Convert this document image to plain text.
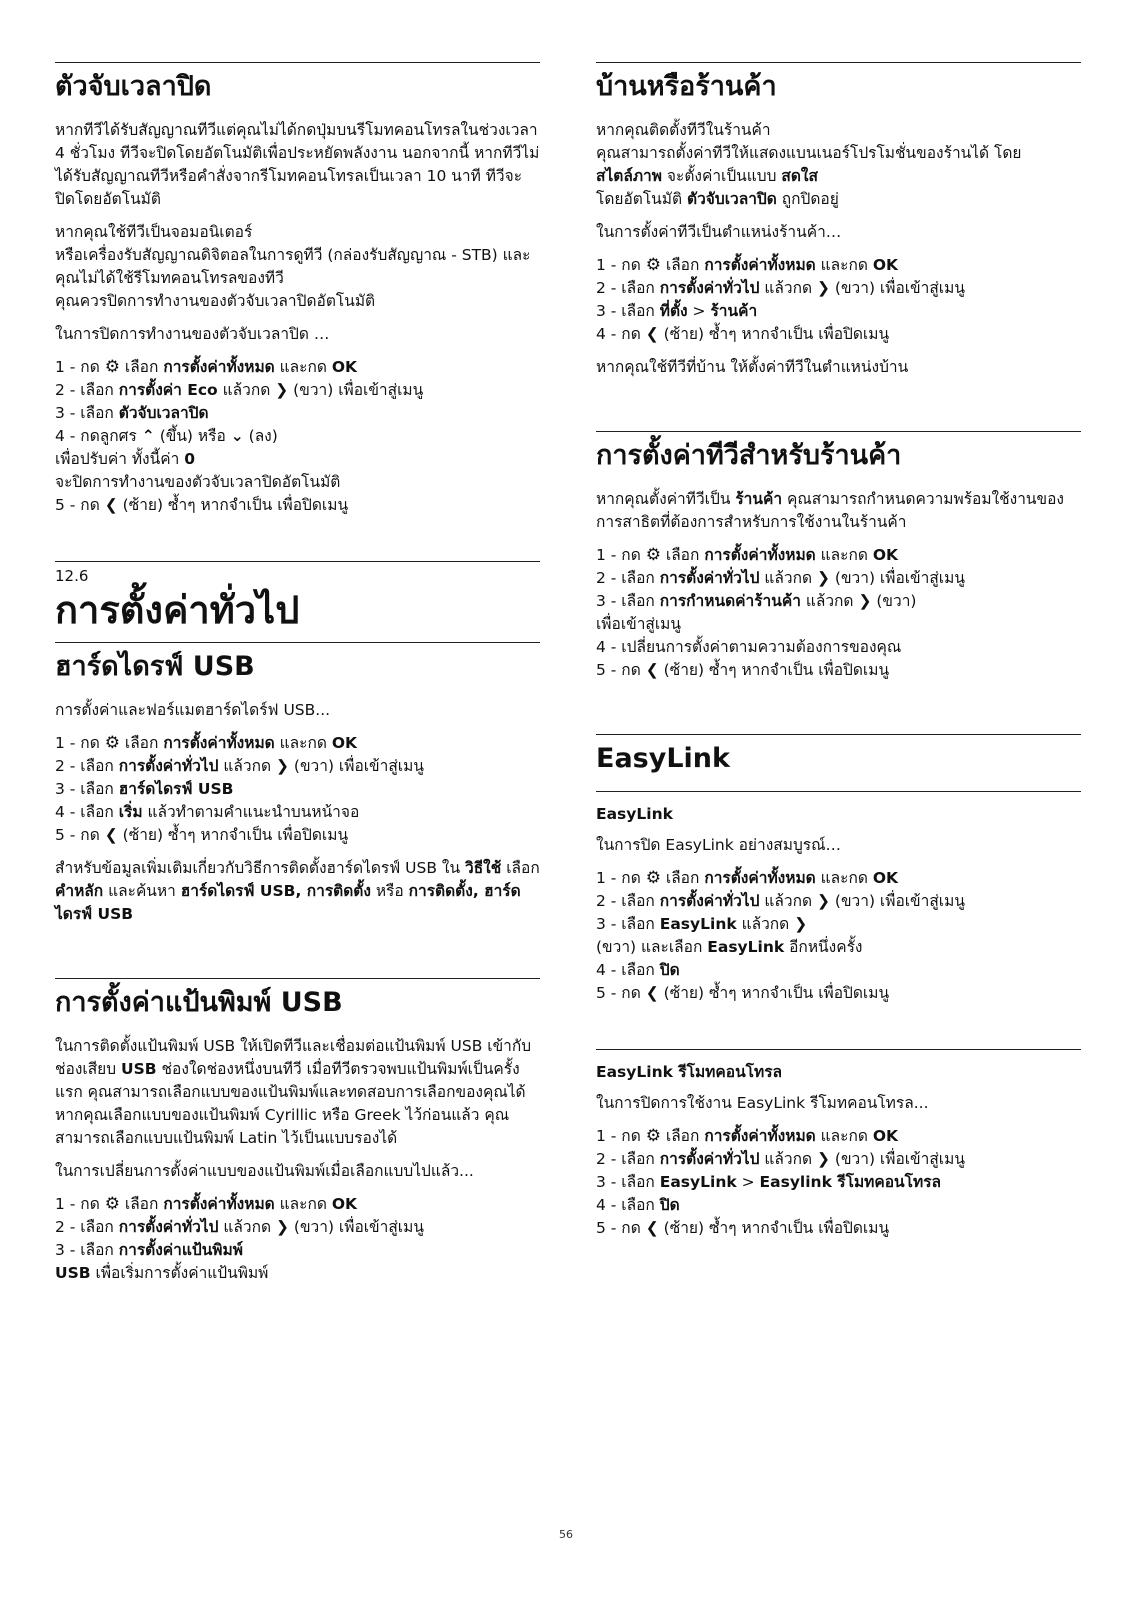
ตัวจับเวลาปิด

หากทีวีได้รับสัญญาณทีวีแต่คุณไม่ได้กดปุ่มบนรีโมทคอนโทรลในช่วงเวลา 4 ชั่วโมง ทีวีจะปิดโดยอัตโนมัติเพื่อประหยัดพลังงาน นอกจากนี้ หากทีวีไม่ได้รับสัญญาณทีวีหรือคำสั่งจากรีโมทคอนโทรลเป็นเวลา 10 นาที ทีวีจะปิดโดยอัตโนมัติ

หากคุณใช้ทีวีเป็นจอมอนิเตอร์
หรือเครื่องรับสัญญาณดิจิตอลในการดูทีวี (กล่องรับสัญญาณ - STB) และคุณไม่ได้ใช้รีโมทคอนโทรลของทีวี
คุณควรปิดการทำงานของตัวจับเวลาปิดอัตโนมัติ

ในการปิดการทำงานของตัวจับเวลาปิด …

1 - กด ⚙ เลือก การตั้งค่าทั้งหมด และกด OK
2 - เลือก การตั้งค่า Eco แล้วกด ❯ (ขวา) เพื่อเข้าสู่เมนู
3 - เลือก ตัวจับเวลาปิด
4 - กดลูกศร ⌃ (ขึ้น) หรือ ⌄ (ลง)
เพื่อปรับค่า ทั้งนี้ค่า 0
จะปิดการทำงานของตัวจับเวลาปิดอัตโนมัติ
5 - กด ❮ (ซ้าย) ซ้ำๆ หากจำเป็น เพื่อปิดเมนู
12.6
การตั้งค่าทั่วไป
ฮาร์ดไดรฟ์ USB

การตั้งค่าและฟอร์แมตฮาร์ดไดร์ฟ USB...

1 - กด ⚙ เลือก การตั้งค่าทั้งหมด และกด OK
2 - เลือก การตั้งค่าทั่วไป แล้วกด ❯ (ขวา) เพื่อเข้าสู่เมนู
3 - เลือก ฮาร์ดไดรฟ์ USB
4 - เลือก เริ่ม แล้วทำตามคำแนะนำบนหน้าจอ
5 - กด ❮ (ซ้าย) ซ้ำๆ หากจำเป็น เพื่อปิดเมนู

สำหรับข้อมูลเพิ่มเติมเกี่ยวกับวิธีการติดตั้งฮาร์ดไดรฟ์ USB ใน วิธีใช้ เลือก คำหลัก และค้นหา ฮาร์ดไดรฟ์ USB, การติดตั้ง หรือ การติดตั้ง, ฮาร์ดไดรฟ์ USB

การตั้งค่าแป้นพิมพ์ USB

ในการติดตั้งแป้นพิมพ์ USB ให้เปิดทีวีและเชื่อมต่อแป้นพิมพ์ USB เข้ากับช่องเสียบ USB ช่องใดช่องหนึ่งบนทีวี เมื่อทีวีตรวจพบแป้นพิมพ์เป็นครั้งแรก คุณสามารถเลือกแบบของแป้นพิมพ์และทดสอบการเลือกของคุณได้ หากคุณเลือกแบบของแป้นพิมพ์ Cyrillic หรือ Greek ไว้ก่อนแล้ว คุณสามารถเลือกแบบแป้นพิมพ์ Latin ไว้เป็นแบบรองได้

ในการเปลี่ยนการตั้งค่าแบบของแป้นพิมพ์เมื่อเลือกแบบไปแล้ว...

1 - กด ⚙ เลือก การตั้งค่าทั้งหมด และกด OK
2 - เลือก การตั้งค่าทั่วไป แล้วกด ❯ (ขวา) เพื่อเข้าสู่เมนู
3 - เลือก การตั้งค่าแป้นพิมพ์
USB เพื่อเริ่มการตั้งค่าแป้นพิมพ์
บ้านหรือร้านค้า

หากคุณติดตั้งทีวีในร้านค้า
คุณสามารถตั้งค่าทีวีให้แสดงแบนเนอร์โปรโมชั่นของร้านได้ โดย
สไตล์ภาพ จะตั้งค่าเป็นแบบ สดใส
โดยอัตโนมัติ ตัวจับเวลาปิด ถูกปิดอยู่

ในการตั้งค่าทีวีเป็นตำแหน่งร้านค้า…

1 - กด ⚙ เลือก การตั้งค่าทั้งหมด และกด OK
2 - เลือก การตั้งค่าทั่วไป แล้วกด ❯ (ขวา) เพื่อเข้าสู่เมนู
3 - เลือก ที่ตั้ง > ร้านค้า
4 - กด ❮ (ซ้าย) ซ้ำๆ หากจำเป็น เพื่อปิดเมนู

หากคุณใช้ทีวีที่บ้าน ให้ตั้งค่าทีวีในตำแหน่งบ้าน

การตั้งค่าทีวีสำหรับร้านค้า

หากคุณตั้งค่าทีวีเป็น ร้านค้า คุณสามารถกำหนดความพร้อมใช้งานของการสาธิตที่ต้องการสำหรับการใช้งานในร้านค้า

1 - กด ⚙ เลือก การตั้งค่าทั้งหมด และกด OK
2 - เลือก การตั้งค่าทั่วไป แล้วกด ❯ (ขวา) เพื่อเข้าสู่เมนู
3 - เลือก การกำหนดค่าร้านค้า แล้วกด ❯ (ขวา)
เพื่อเข้าสู่เมนู
4 - เปลี่ยนการตั้งค่าตามความต้องการของคุณ
5 - กด ❮ (ซ้าย) ซ้ำๆ หากจำเป็น เพื่อปิดเมนู
EasyLink
EasyLink

ในการปิด EasyLink อย่างสมบูรณ์…

1 - กด ⚙ เลือก การตั้งค่าทั้งหมด และกด OK
2 - เลือก การตั้งค่าทั่วไป แล้วกด ❯ (ขวา) เพื่อเข้าสู่เมนู
3 - เลือก EasyLink แล้วกด ❯
(ขวา) และเลือก EasyLink อีกหนึ่งครั้ง
4 - เลือก ปิด
5 - กด ❮ (ซ้าย) ซ้ำๆ หากจำเป็น เพื่อปิดเมนู
EasyLink รีโมทคอนโทรล

ในการปิดการใช้งาน EasyLink รีโมทคอนโทรล...

1 - กด ⚙ เลือก การตั้งค่าทั้งหมด และกด OK
2 - เลือก การตั้งค่าทั่วไป แล้วกด ❯ (ขวา) เพื่อเข้าสู่เมนู
3 - เลือก EasyLink > Easylink รีโมทคอนโทรล
4 - เลือก ปิด
5 - กด ❮ (ซ้าย) ซ้ำๆ หากจำเป็น เพื่อปิดเมนู
56
